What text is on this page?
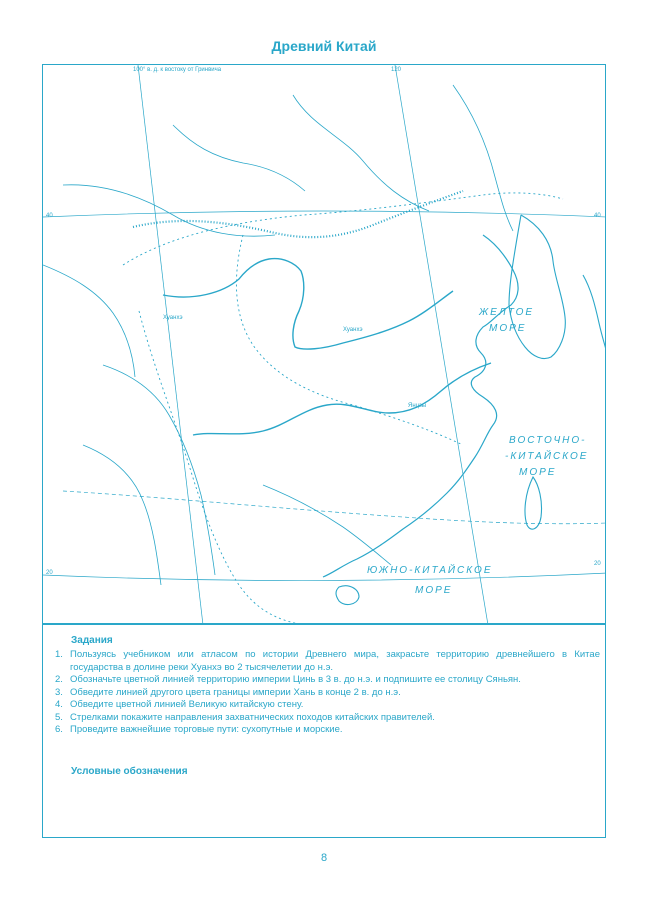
Древний Китай
100° в. д. к востоку от Гринвича	120
40	40
20
20
Хуанхэ
Янцзы
Хуанхэ	ЖЕЛТОЕ
МОРЕ
ВОСТОЧНО-
-КИТАЙСКОЕ
МОРЕ
ЮЖНО-КИТАЙСКОЕ
МОРЕ
Задания
1. Пользуясь учебником или атласом по истории Древнего мира, закрасьте территорию древнейшего в Китае государства в долине реки Хуанхэ во 2 тысячелетии до н.э.
2. Обозначьте цветной линией территорию империи Цинь в 3 в. до н.э. и подпишите ее столицу Сяньян.
3. Обведите линией другого цвета границы империи Хань в конце 2 в. до н.э.
4. Обведите цветной линией Великую китайскую стену.
5. Стрелками покажите направления захватнических походов китайских правителей.
6. Проведите важнейшие торговые пути: сухопутные и морские.
Условные обозначения
8
